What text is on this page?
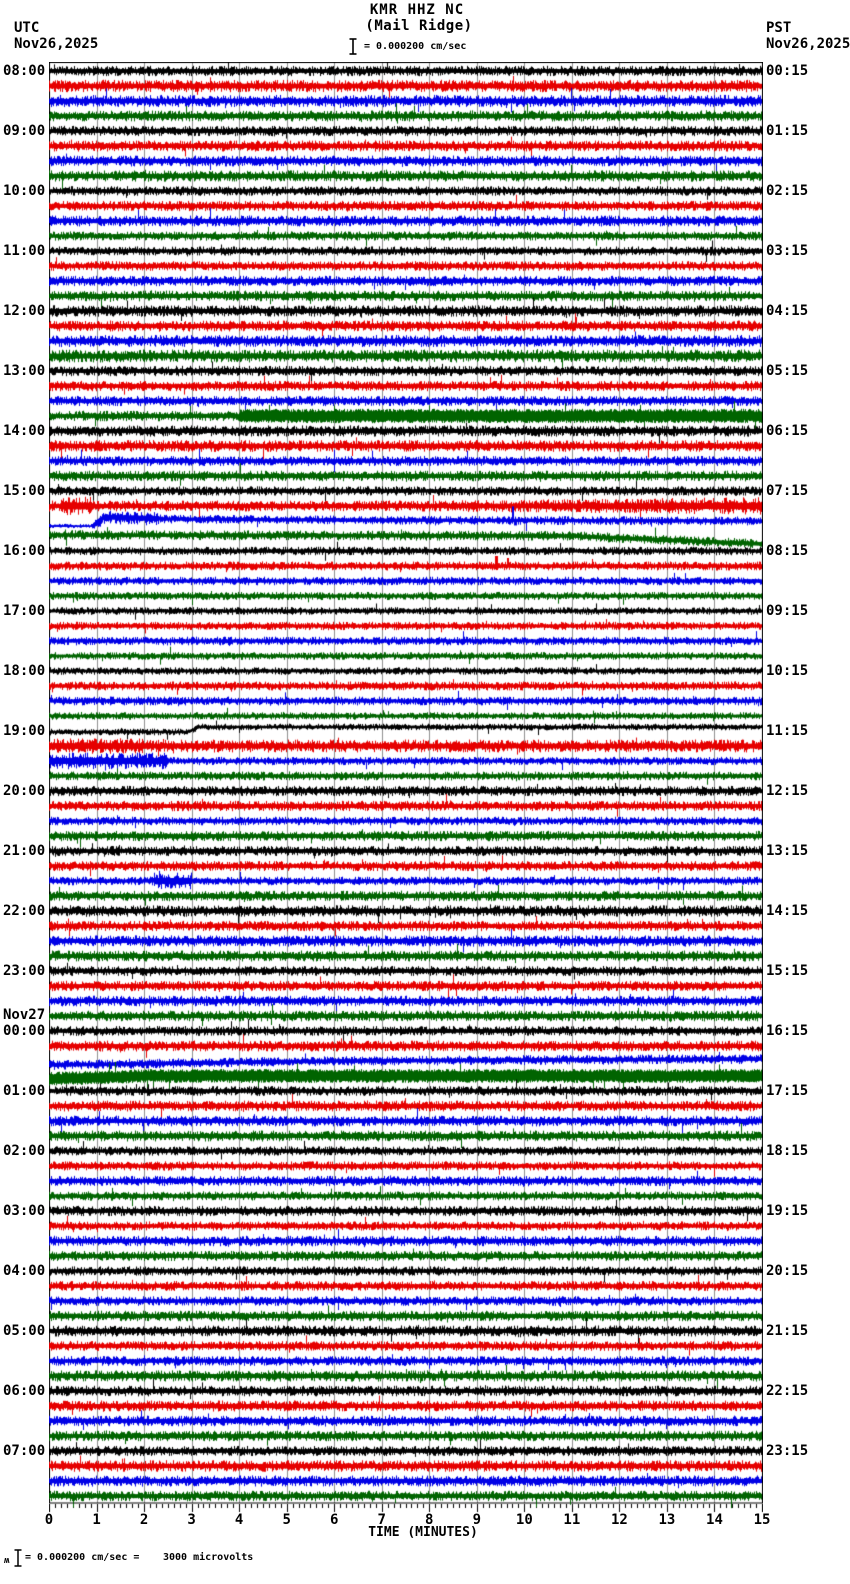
KMR HHZ NC
(Mail Ridge)
UTC
Nov26,2025
PST
Nov26,2025
= 0.000200 cm/sec
08:00	00:15
09:00	01:15
10:00	02:15
11:00	03:15
12:00	04:15
13:00	05:15
14:00	06:15
15:00	07:15
16:00	08:15
17:00	09:15
18:00	10:15
19:00	11:15
20:00	12:15
21:00	13:15
22:00	14:15
23:00	15:15
00:00	16:15
Nov27
01:00	17:15
02:00	18:15
03:00	19:15
04:00	20:15
05:00	21:15
06:00	22:15
07:00	23:15
0	1	2	3	4	5	6	7	8	9	10	11	12	13	14	15
TIME (MINUTES)
ʍ = 0.000200 cm/sec = 3000 microvolts
